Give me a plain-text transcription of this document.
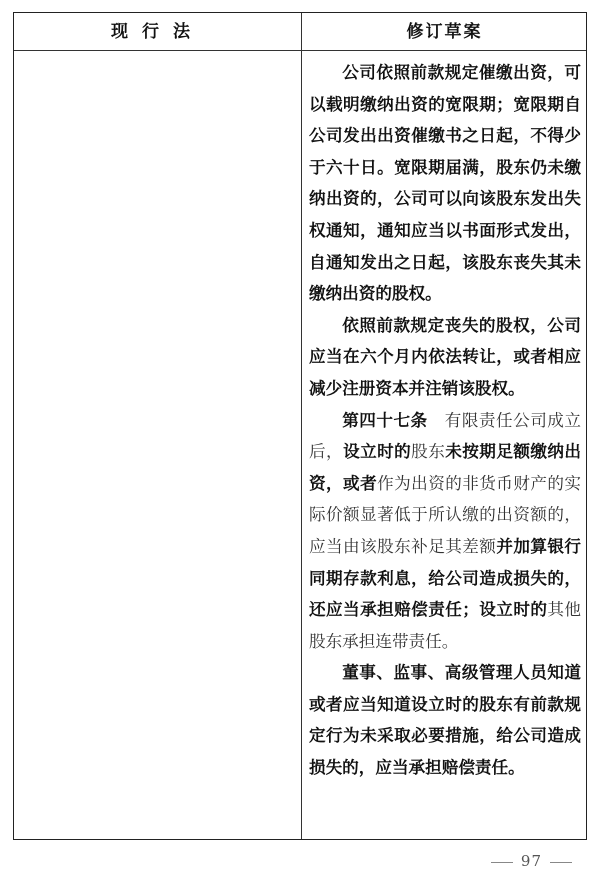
现行法	修订草案

公司依照前款规定催缴出资，可以载明缴纳出资的宽限期；宽限期自公司发出出资催缴书之日起，不得少于六十日。宽限期届满，股东仍未缴纳出资的，公司可以向该股东发出失权通知，通知应当以书面形式发出，自通知发出之日起，该股东丧失其未缴纳出资的股权。

依照前款规定丧失的股权，公司应当在六个月内依法转让，或者相应减少注册资本并注销该股权。

第四十七条　有限责任公司成立后，设立时的股东未按期足额缴纳出资，或者作为出资的非货币财产的实际价额显著低于所认缴的出资额的，应当由该股东补足其差额并加算银行同期存款利息，给公司造成损失的，还应当承担赔偿责任；设立时的其他股东承担连带责任。

董事、监事、高级管理人员知道或者应当知道设立时的股东有前款规定行为未采取必要措施，给公司造成损失的，应当承担赔偿责任。

97
